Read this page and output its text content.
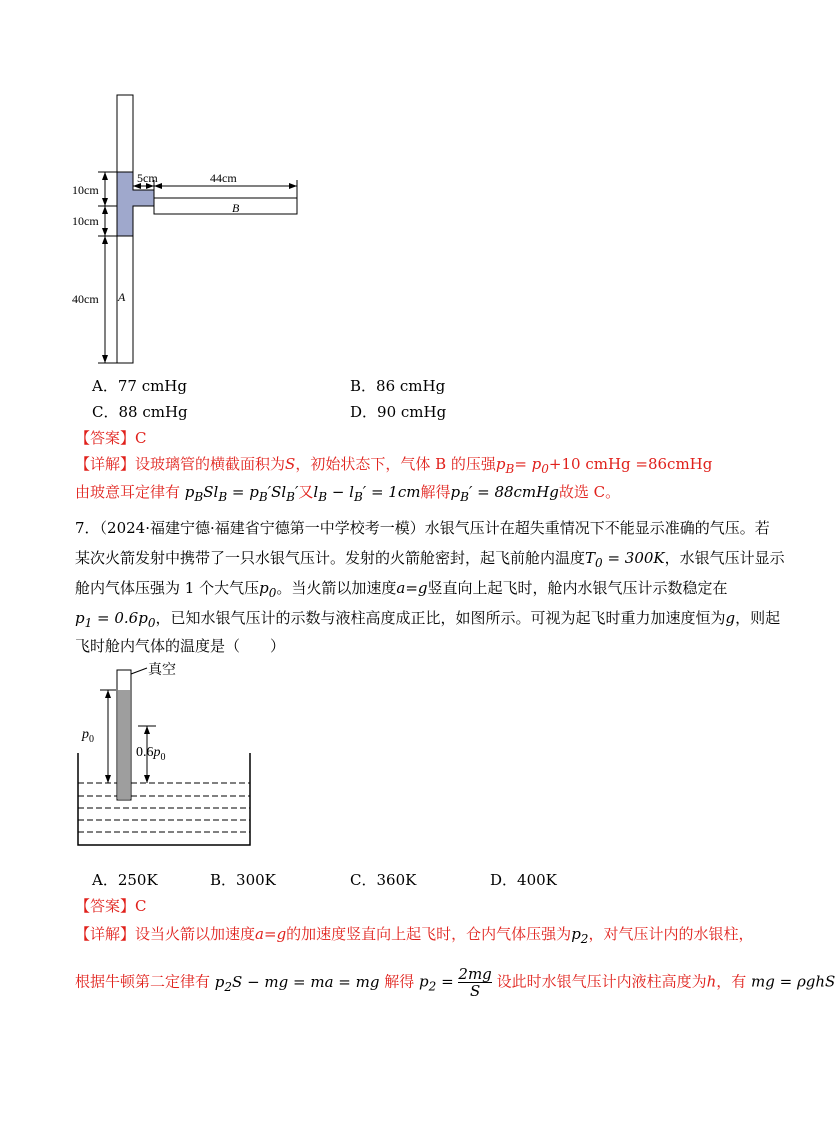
10cm
10cm
40cm
5cm	44cm
B
A
A．77 cmHg	B．86 cmHg
C．88 cmHg	D．90 cmHg
【答案】C
【详解】设玻璃管的横截面积为S，初始状态下，气体 B 的压强$p_B= p_0+10$ cmHg =86cmHg
由玻意耳定律有 $p_BSl_B = p_B'Sl_B'$又$l_B - l_B' = 1cm$解得$p_B'$ = 88cmHg故选 C。
7．（2024·福建宁德·福建省宁德第一中学校考一模）水银气压计在超失重情况下不能显示准确的气压。若
某次火箭发射中携带了一只水银气压计。发射的火箭舱密封，起飞前舱内温度$T_0 = 300K$，水银气压计显示
舱内气体压强为 1 个大气压$p_0$。当火箭以加速度a=g竖直向上起飞时，舱内水银气压计示数稳定在
$p_1 = 0.6p_0$，已知水银气压计的示数与液柱高度成正比，如图所示。可视为起飞时重力加速度恒为g，则起
飞时舱内气体的温度是（　　）
真空
$p_0$
$0.6p_0$
A．250K	B．300K	C．360K	D．400K
【答案】C
【详解】设当火箭以加速度a=g的加速度竖直向上起飞时，仓内气体压强为$p_2$，对气压计内的水银柱，
根据牛顿第二定律有 $p_2S$ − mg = ma = mg 解得 $p_2 = \frac{2mg}{S}$ 设此时水银气压计内液柱高度为h，有 mg = ρghS
